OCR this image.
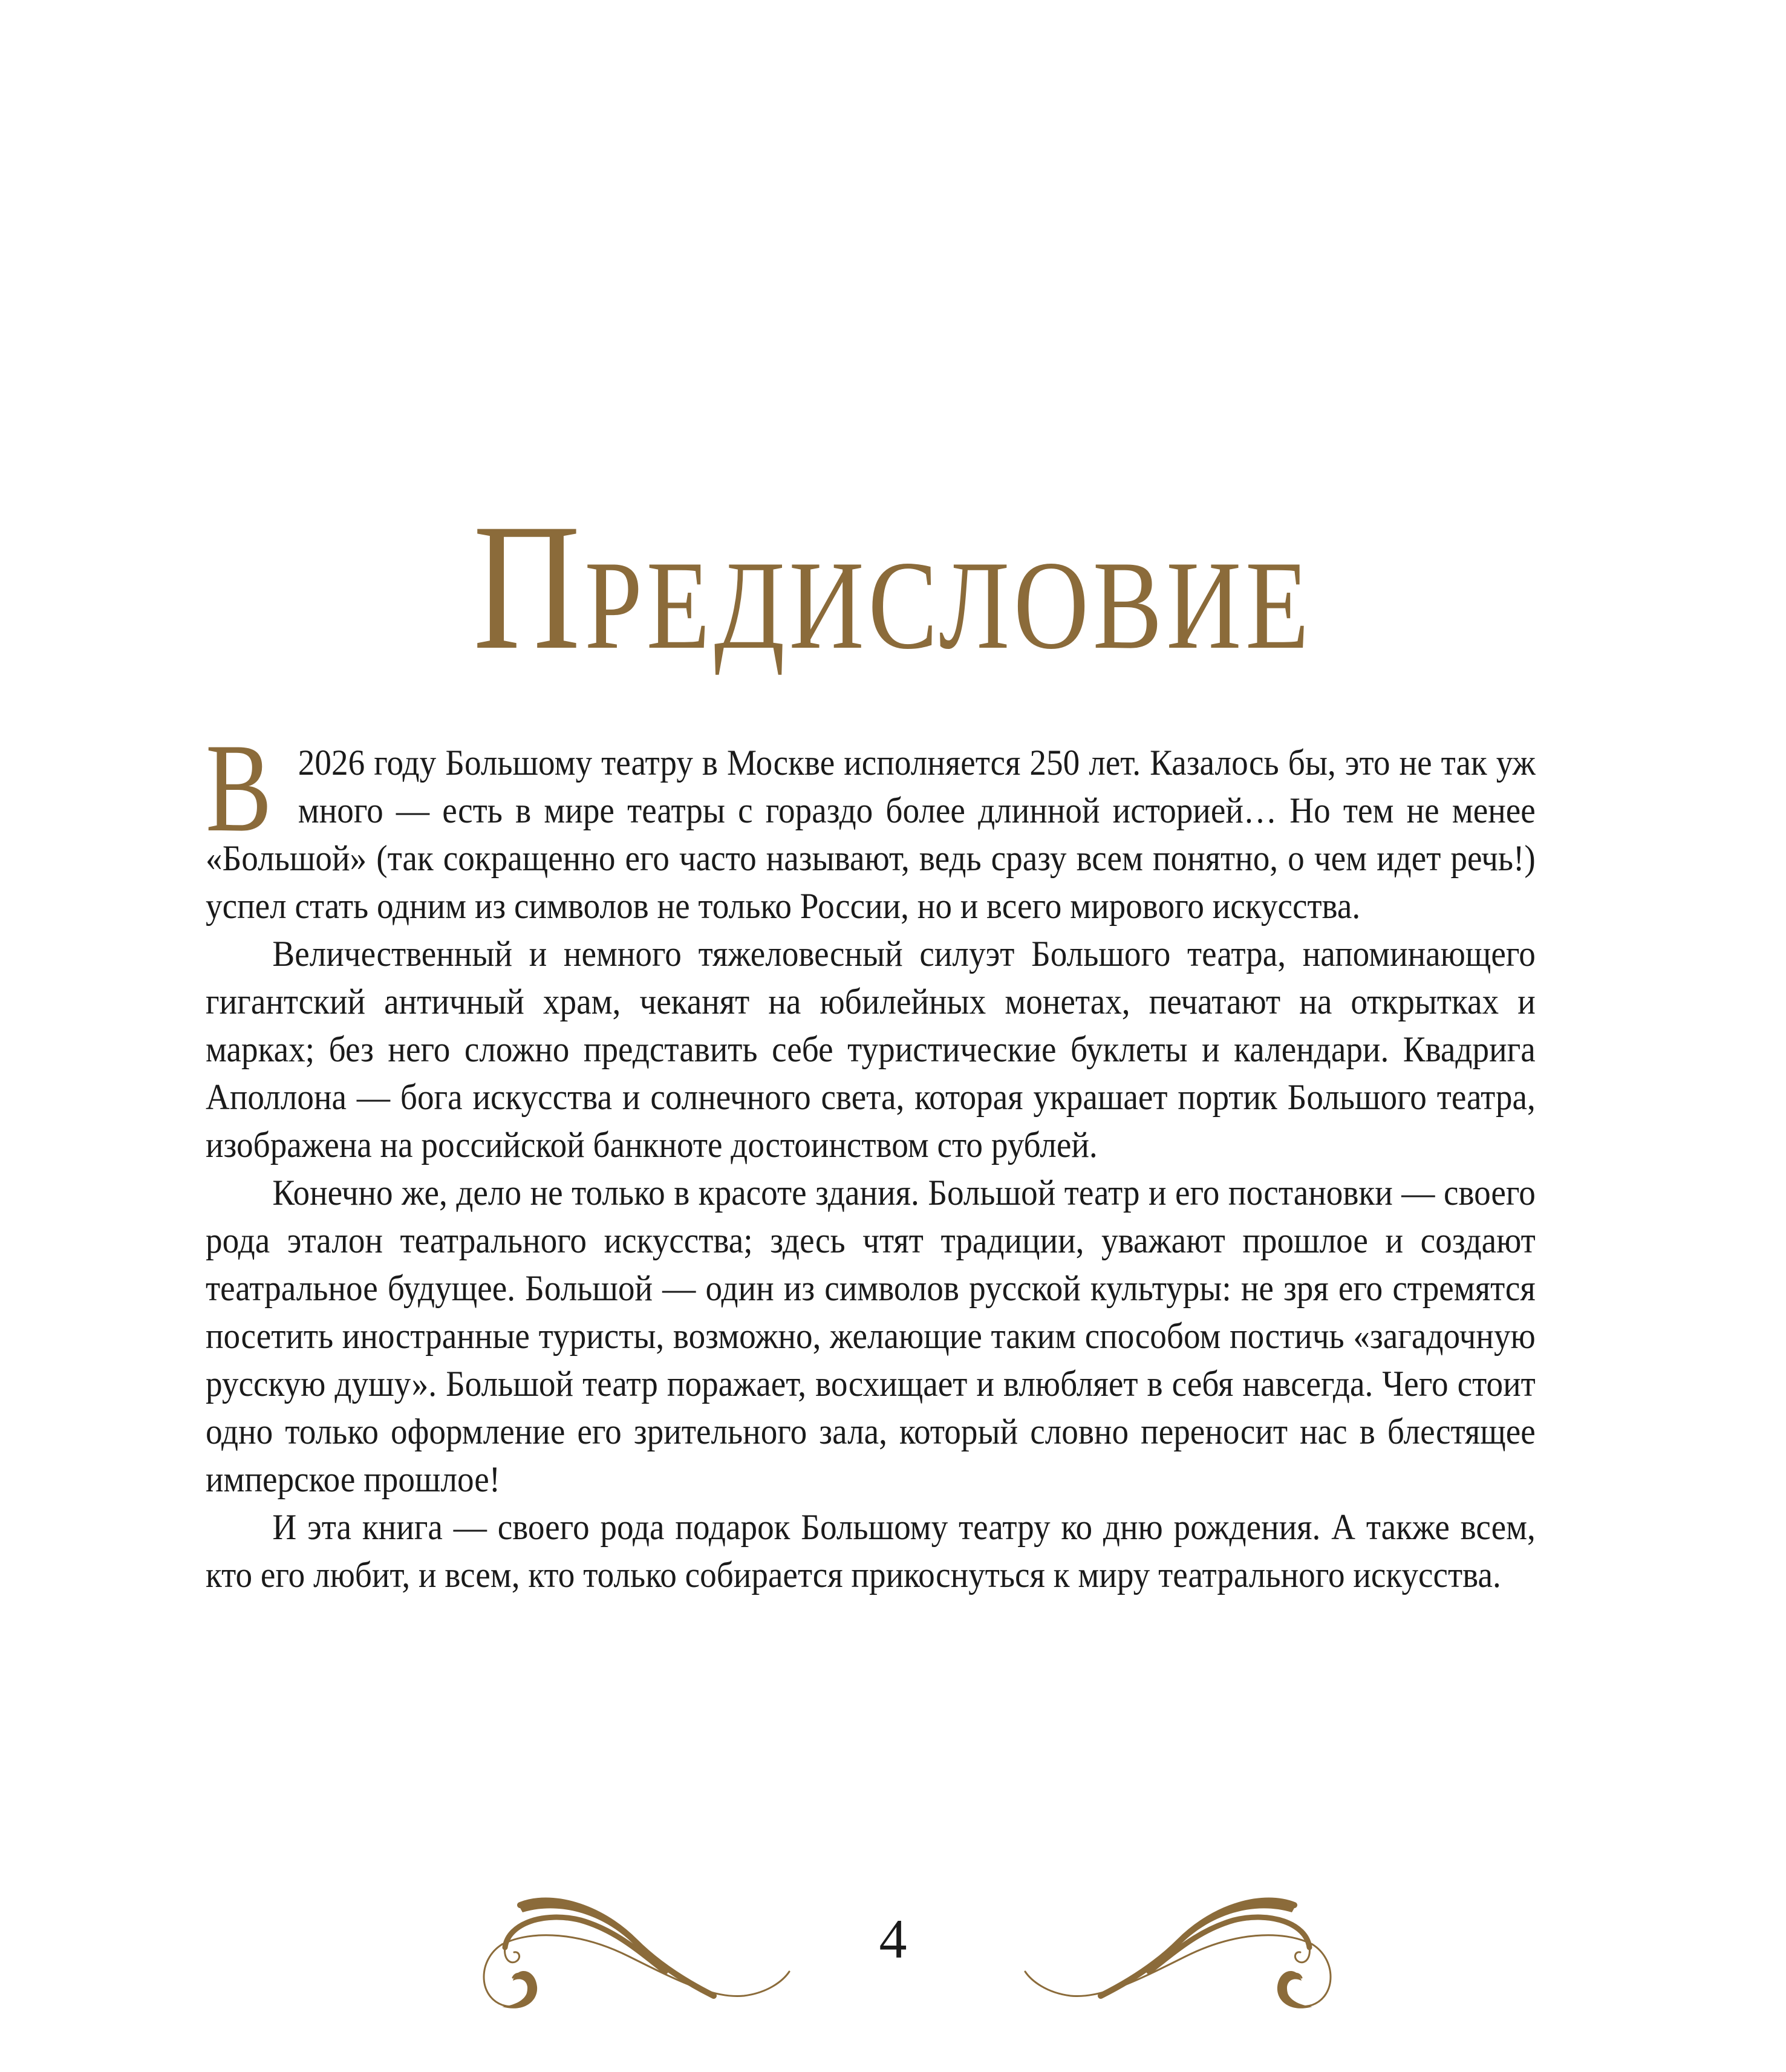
Предисловие

В 2026 году Большому театру в Москве исполняется 250 лет. Казалось бы, это не так уж много — есть в мире театры с гораздо более длинной историей… Но тем не менее «Большой» (так сокращенно его часто называют, ведь сразу всем понятно, о чем идет речь!) успел стать одним из символов не только России, но и всего мирового искусства.

Величественный и немного тяжеловесный силуэт Большого театра, напоминающего гигантский античный храм, чеканят на юбилейных монетах, печатают на открытках и марках; без него сложно представить себе туристические буклеты и календари. Квадрига Аполлона — бога искусства и солнечного света, которая украшает портик Большого театра, изображена на российской банкноте достоинством сто рублей.

Конечно же, дело не только в красоте здания. Большой театр и его постановки — своего рода эталон театрального искусства; здесь чтят традиции, уважают прошлое и создают театральное будущее. Большой — один из символов русской культуры: не зря его стремятся посетить иностранные туристы, возможно, желающие таким способом постичь «загадочную русскую душу». Большой театр поражает, восхищает и влюбляет в себя навсегда. Чего стоит одно только оформление его зрительного зала, который словно переносит нас в блестящее имперское прошлое!

И эта книга — своего рода подарок Большому театру ко дню рождения. А также всем, кто его любит, и всем, кто только собирается прикоснуться к миру театрального искусства.

4
